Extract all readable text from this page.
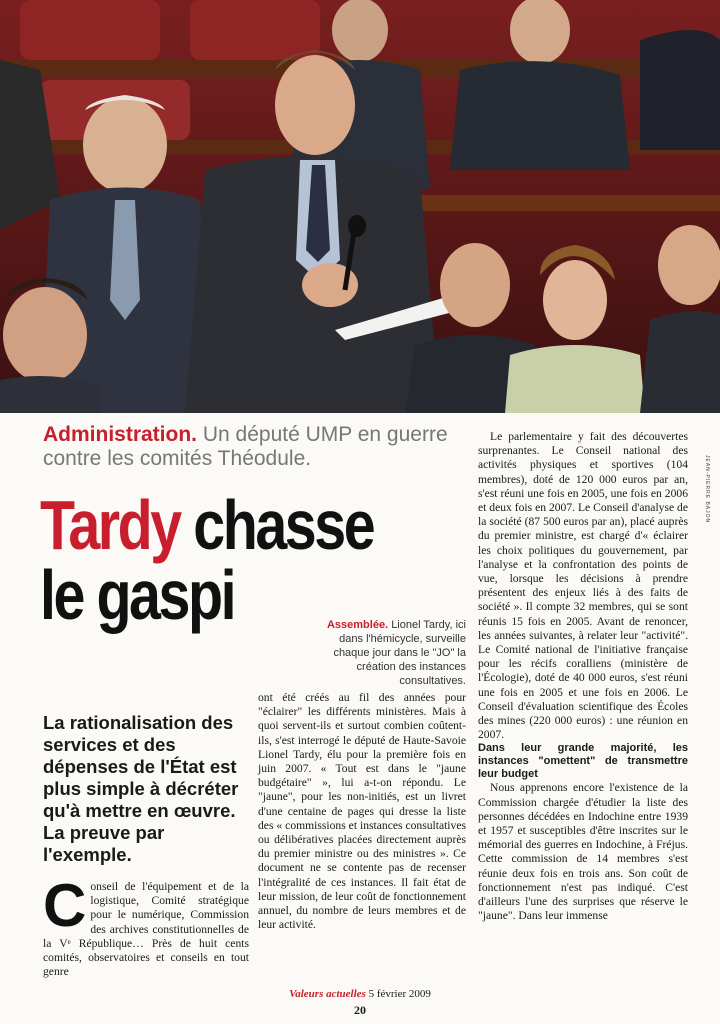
JEAN-PIERRE BAJON
Administration. Un député UMP en guerre contre les comités Théodule.
Tardy chasse
le gaspi	Assemblée. Lionel Tardy, ici dans l'hémicycle, surveille chaque jour dans le "JO" la création des instances consultatives.
La rationalisation des services et des dépenses de l'État est plus simple à décréter qu'à mettre en œuvre. La preuve par l'exemple.
C onseil de l'équipement et de la logistique, Comité stratégique pour le numérique, Commission des archives constitutionnelles de la Vᵉ République… Près de huit cents comités, observatoires et conseils en tout genre

ont été créés au fil des années pour "éclairer" les différents ministères. Mais à quoi servent-ils et surtout combien coûtent-ils, s'est interrogé le député de Haute-Savoie Lionel Tardy, élu pour la première fois en juin 2007. « Tout est dans le "jaune budgétaire" », lui a-t-on répondu. Le "jaune", pour les non-initiés, est un livret d'une centaine de pages qui dresse la liste des « commissions et instances consultatives ou délibératives placées directement auprès du premier ministre ou des ministres ». Ce document ne se contente pas de recenser l'intégralité de ces instances. Il fait état de leur mission, de leur coût de fonctionnement annuel, du nombre de leurs membres et de leur activité.

Le parlementaire y fait des découvertes surprenantes. Le Conseil national des activités physiques et sportives (104 membres), doté de 120 000 euros par an, s'est réuni une fois en 2005, une fois en 2006 et deux fois en 2007. Le Conseil d'analyse de la société (87 500 euros par an), placé auprès du premier ministre, est chargé d'« éclairer les choix politiques du gouvernement, par l'analyse et la confrontation des points de vue, lorsque les décisions à prendre présentent des enjeux liés à des faits de société ». Il compte 32 membres, qui se sont réunis 15 fois en 2005. Avant de renoncer, les années suivantes, à relater leur "activité". Le Comité national de l'initiative française pour les récifs coralliens (ministère de l'Écologie), doté de 40 000 euros, s'est réuni une fois en 2005 et une fois en 2006. Le Conseil d'évaluation scientifique des Écoles des mines (220 000 euros) : une réunion en 2007.

Dans leur grande majorité, les instances "omettent" de transmettre leur budget

Nous apprenons encore l'existence de la Commission chargée d'étudier la liste des personnes décédées en Indochine entre 1939 et 1957 et susceptibles d'être inscrites sur le mémorial des guerres en Indochine, à Fréjus. Cette commission de 14 membres s'est réunie deux fois en trois ans. Son coût de fonctionnement n'est pas indiqué. C'est d'ailleurs l'une des surprises que réserve le "jaune". Dans leur immense

Valeurs actuelles 5 février 2009
20
